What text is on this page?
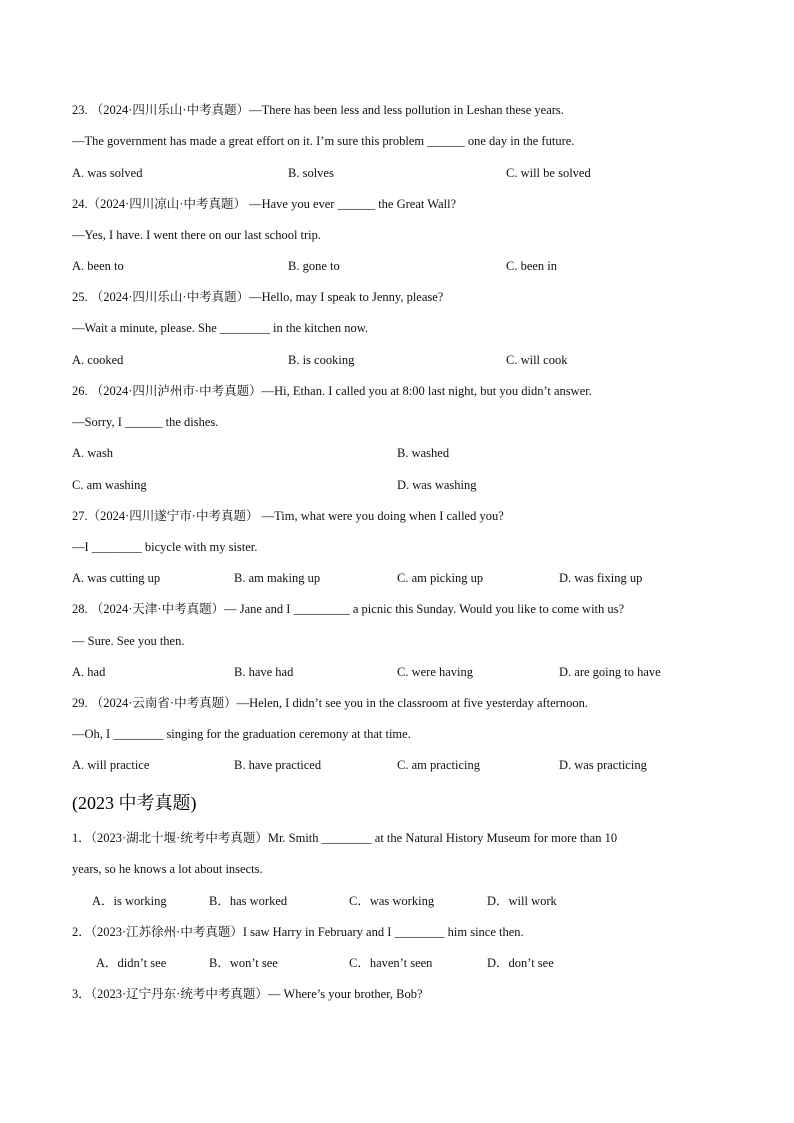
23. （2024·四川乐山·中考真题）—There has been less and less pollution in Leshan these years.
—The government has made a great effort on it. I’m sure this problem ______ one day in the future.
A. was solved	B. solves	C. will be solved
24.（2024·四川凉山·中考真题） —Have you ever ______ the Great Wall?
—Yes, I have. I went there on our last school trip.
A. been to	B. gone to	C. been in
25. （2024·四川乐山·中考真题）—Hello, may I speak to Jenny, please?
—Wait a minute, please. She ________ in the kitchen now.
A. cooked	B. is cooking	C. will cook
26. （2024·四川泸州市·中考真题）—Hi, Ethan. I called you at 8:00 last night, but you didn’t answer.
—Sorry, I ______ the dishes.
A. wash	B. washed
C. am washing	D. was washing
27.（2024·四川遂宁市·中考真题） —Tim, what were you doing when I called you?
—I ________ bicycle with my sister.
A. was cutting up	B. am making up	C. am picking up	D. was fixing up
28. （2024·天津·中考真题）— Jane and I _________ a picnic this Sunday. Would you like to come with us?
— Sure. See you then.
A. had	B. have had	C. were having	D. are going to have
29. （2024·云南省·中考真题）—Helen, I didn’t see you in the classroom at five yesterday afternoon.
—Oh, I ________ singing for the graduation ceremony at that time.
A. will practice	B. have practiced	C. am practicing	D. was practicing
(2023 中考真题)
1．（2023·湖北十堰·统考中考真题）Mr. Smith ________ at the Natural History Museum for more than 10
years, so he knows a lot about insects.
A．is working	B．has worked	C．was working	D．will work
2．（2023·江苏徐州·中考真题）I saw Harry in February and I ________ him since then.
A．didn’t see	B．won’t see	C．haven’t seen	D．don’t see
3．（2023·辽宁丹东·统考中考真题）— Where’s your brother, Bob?
